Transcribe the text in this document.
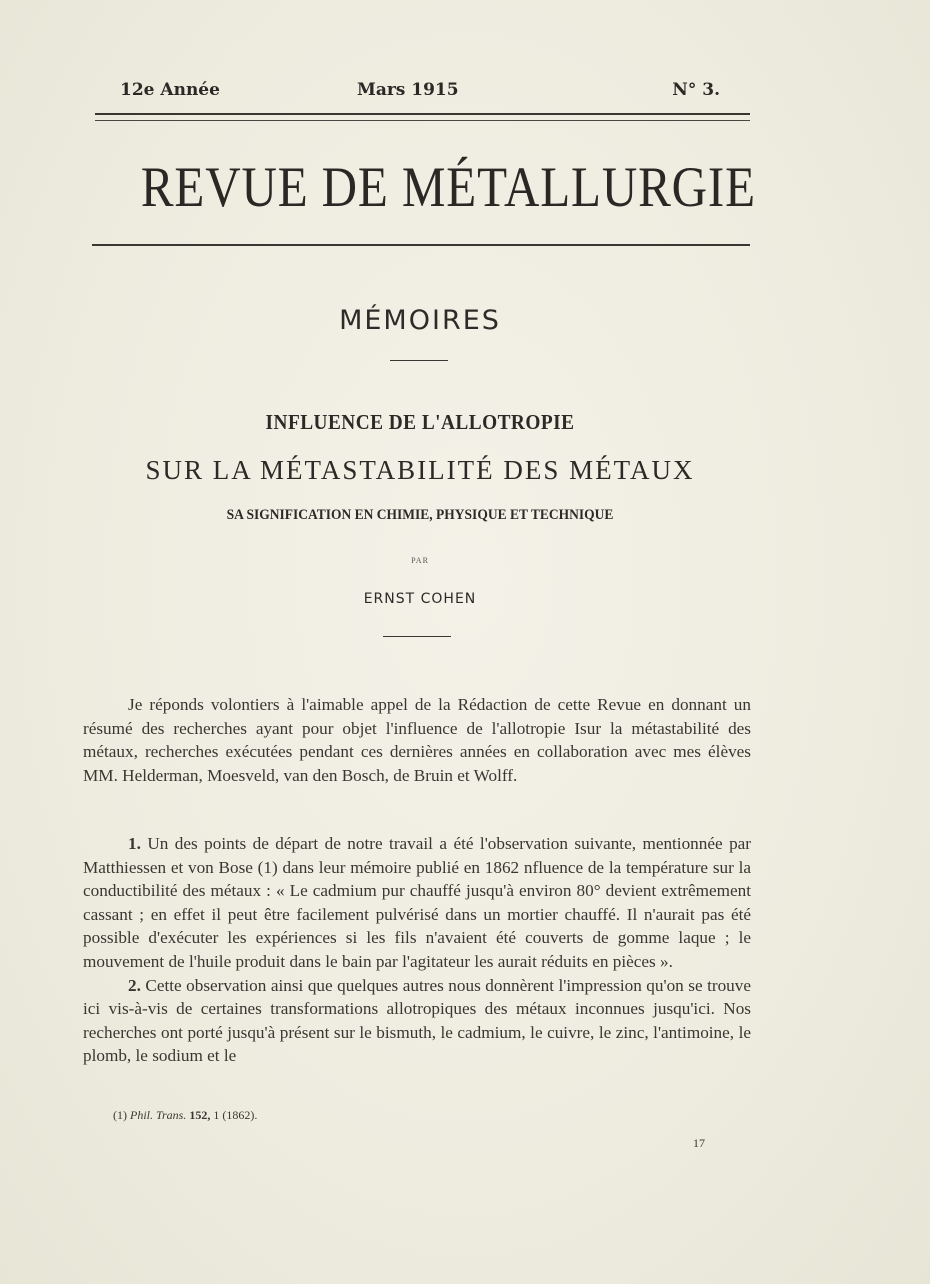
12e Année	Mars 1915	N° 3.
REVUE DE MÉTALLURGIE
MÉMOIRES
INFLUENCE DE L'ALLOTROPIE
SUR LA MÉTASTABILITÉ DES MÉTAUX
SA SIGNIFICATION EN CHIMIE, PHYSIQUE ET TECHNIQUE
PAR
ERNST COHEN

Je réponds volontiers à l'aimable appel de la Rédaction de cette Revue en donnant un résumé des recherches ayant pour objet l'influence de l'allotropie Isur la métastabilité des métaux, recherches exécutées pendant ces dernières années en collaboration avec mes élèves MM. Helderman, Moesveld, van den Bosch, de Bruin et Wolff.

1. Un des points de départ de notre travail a été l'observation suivante, mentionnée par Matthiessen et von Bose (1) dans leur mémoire publié en 1862 nfluence de la température sur la conductibilité des métaux : « Le cadmium pur chauffé jusqu'à environ 80° devient extrêmement cassant ; en effet il peut être facilement pulvérisé dans un mortier chauffé. Il n'aurait pas été possible d'exécuter les expériences si les fils n'avaient été couverts de gomme laque ; le mouvement de l'huile produit dans le bain par l'agitateur les aurait réduits en pièces ».

2. Cette observation ainsi que quelques autres nous donnèrent l'impression qu'on se trouve ici vis-à-vis de certaines transformations allotropiques des métaux inconnues jusqu'ici. Nos recherches ont porté jusqu'à présent sur le bismuth, le cadmium, le cuivre, le zinc, l'antimoine, le plomb, le sodium et le

(1) Phil. Trans. 152, 1 (1862).
17
